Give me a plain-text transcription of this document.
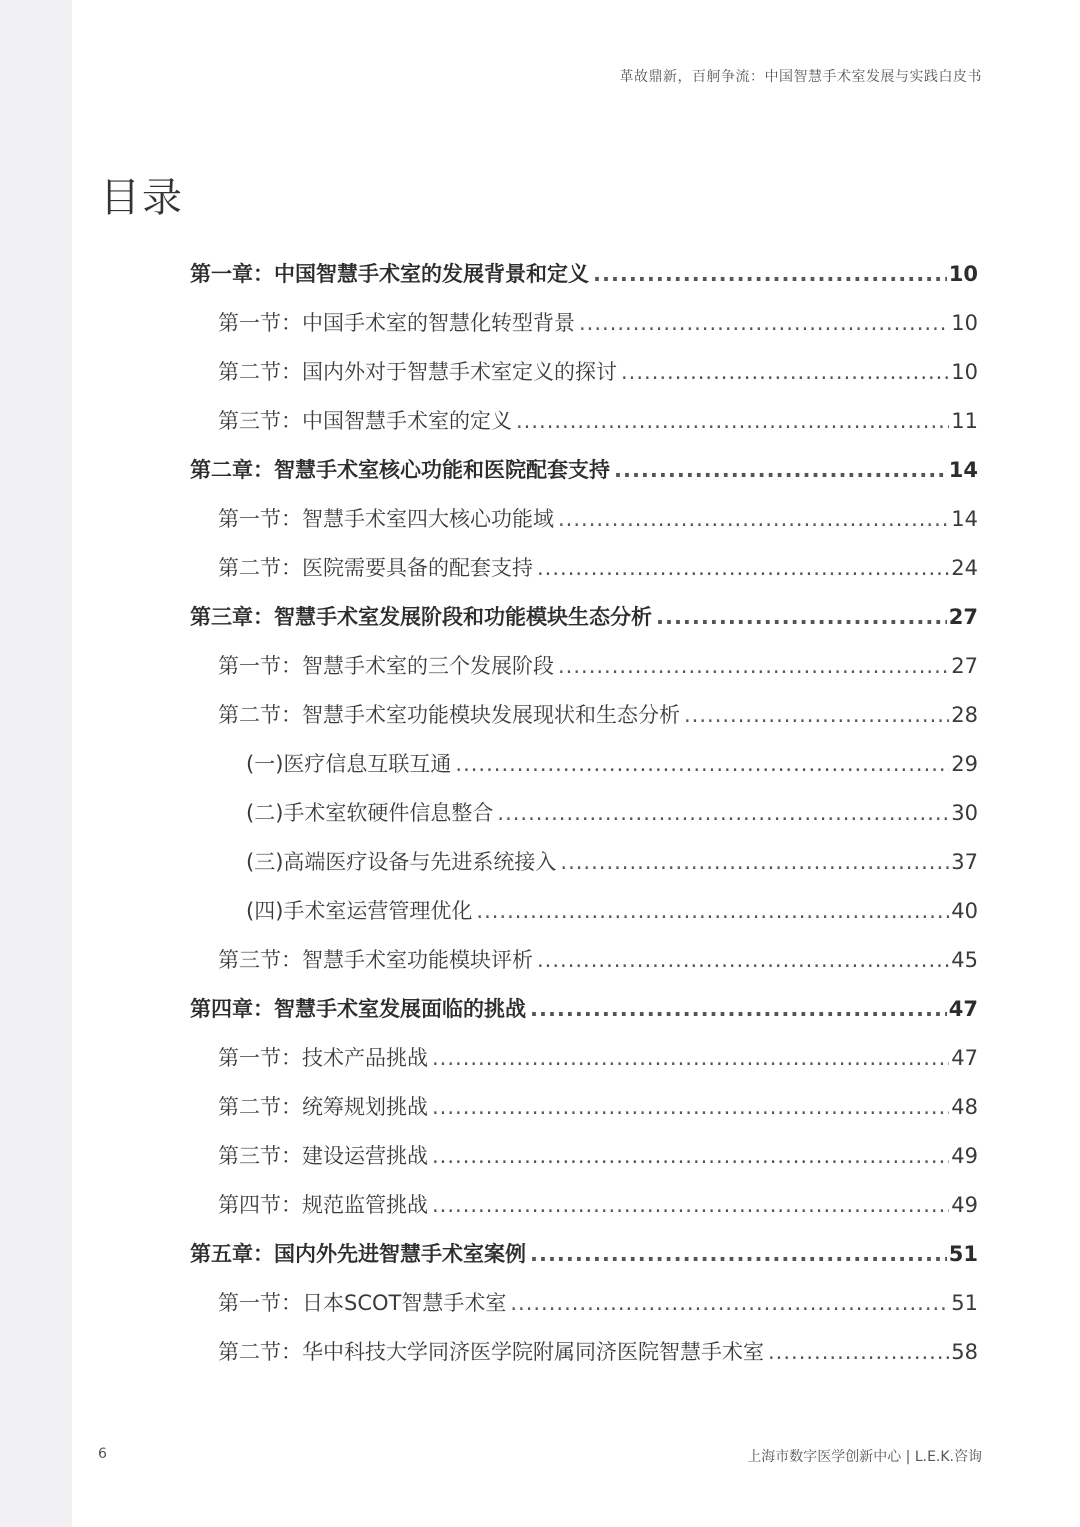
革故鼎新，百舸争流：中国智慧手术室发展与实践白皮书
目录
第一章：中国智慧手术室的发展背景和定义 .....	10
第一节：中国手术室的智慧化转型背景 .....	10
第二节：国内外对于智慧手术室定义的探讨 .....	10
第三节：中国智慧手术室的定义 .....	11
第二章：智慧手术室核心功能和医院配套支持 .....	14
第一节：智慧手术室四大核心功能域 .....	14
第二节：医院需要具备的配套支持 .....	24
第三章：智慧手术室发展阶段和功能模块生态分析 .....	27
第一节：智慧手术室的三个发展阶段 .....	27
第二节：智慧手术室功能模块发展现状和生态分析 .....	28
(一)医疗信息互联互通 .....	29
(二)手术室软硬件信息整合 .....	30
(三)高端医疗设备与先进系统接入 .....	37
(四)手术室运营管理优化 .....	40
第三节：智慧手术室功能模块评析 .....	45
第四章：智慧手术室发展面临的挑战 .....	47
第一节：技术产品挑战 .....	47
第二节：统筹规划挑战 .....	48
第三节：建设运营挑战 .....	49
第四节：规范监管挑战 .....	49
第五章：国内外先进智慧手术室案例 .....	51
第一节：日本SCOT智慧手术室 .....	51
第二节：华中科技大学同济医学院附属同济医院智慧手术室 .....	58
6	上海市数字医学创新中心 | L.E.K.咨询
